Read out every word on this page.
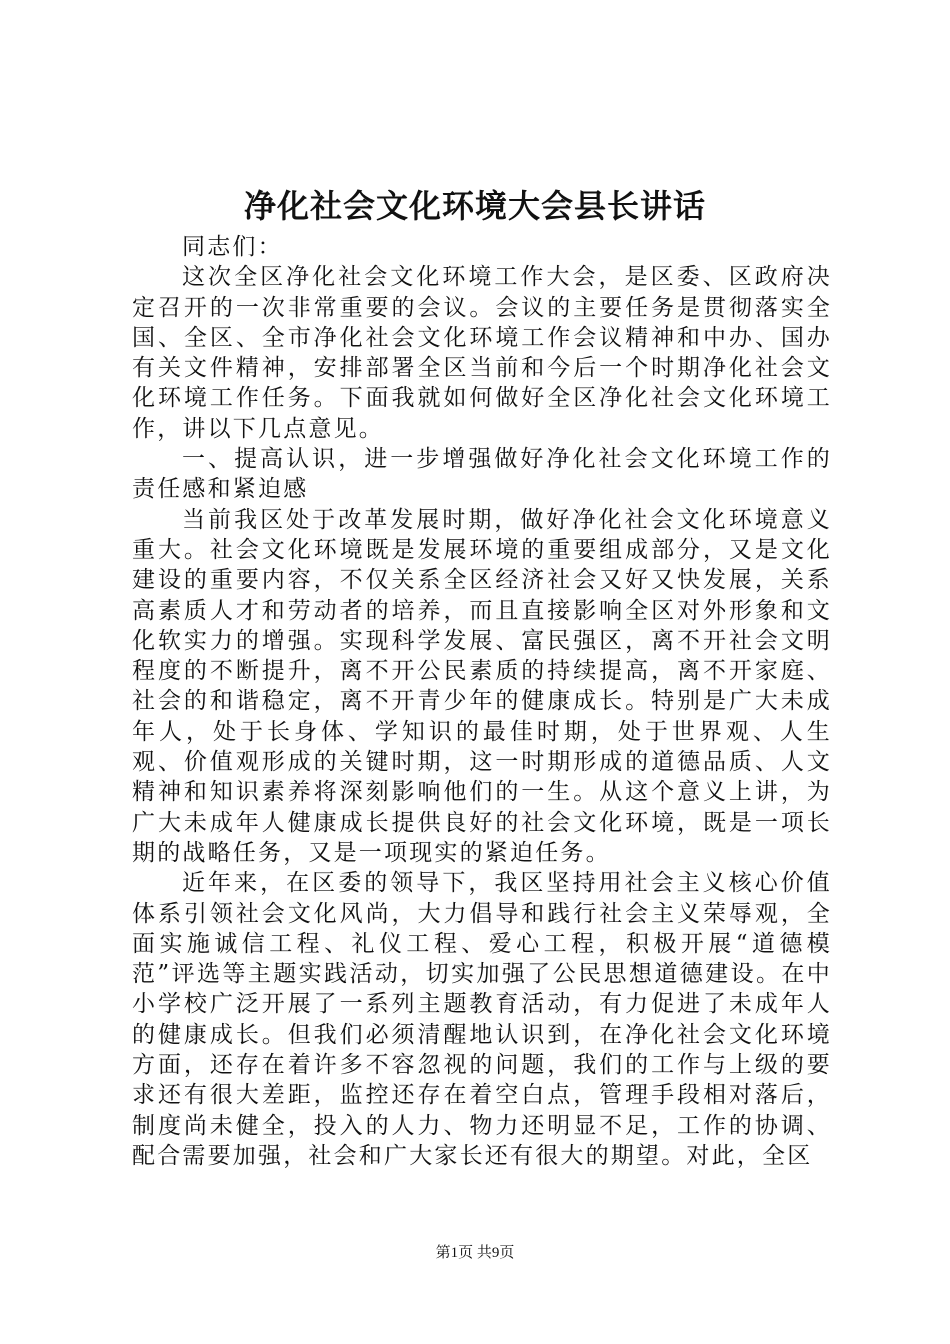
净化社会文化环境大会县长讲话

同志们：

这次全区净化社会文化环境工作大会，是区委、区政府决定召开的一次非常重要的会议。会议的主要任务是贯彻落实全国、全区、全市净化社会文化环境工作会议精神和中办、国办有关文件精神，安排部署全区当前和今后一个时期净化社会文化环境工作任务。下面我就如何做好全区净化社会文化环境工作，讲以下几点意见。

一、提高认识，进一步增强做好净化社会文化环境工作的责任感和紧迫感

当前我区处于改革发展时期，做好净化社会文化环境意义重大。社会文化环境既是发展环境的重要组成部分，又是文化建设的重要内容，不仅关系全区经济社会又好又快发展，关系高素质人才和劳动者的培养，而且直接影响全区对外形象和文化软实力的增强。实现科学发展、富民强区，离不开社会文明程度的不断提升，离不开公民素质的持续提高，离不开家庭、社会的和谐稳定，离不开青少年的健康成长。特别是广大未成年人，处于长身体、学知识的最佳时期，处于世界观、人生观、价值观形成的关键时期，这一时期形成的道德品质、人文精神和知识素养将深刻影响他们的一生。从这个意义上讲，为广大未成年人健康成长提供良好的社会文化环境，既是一项长期的战略任务，又是一项现实的紧迫任务。

近年来，在区委的领导下，我区坚持用社会主义核心价值体系引领社会文化风尚，大力倡导和践行社会主义荣辱观，全面实施诚信工程、礼仪工程、爱心工程，积极开展“道德模范”评选等主题实践活动，切实加强了公民思想道德建设。在中小学校广泛开展了一系列主题教育活动，有力促进了未成年人的健康成长。但我们必须清醒地认识到，在净化社会文化环境方面，还存在着许多不容忽视的问题，我们的工作与上级的要求还有很大差距，监控还存在着空白点，管理手段相对落后，制度尚未健全，投入的人力、物力还明显不足，工作的协调、配合需要加强，社会和广大家长还有很大的期望。对此，全区

第1页 共9页
